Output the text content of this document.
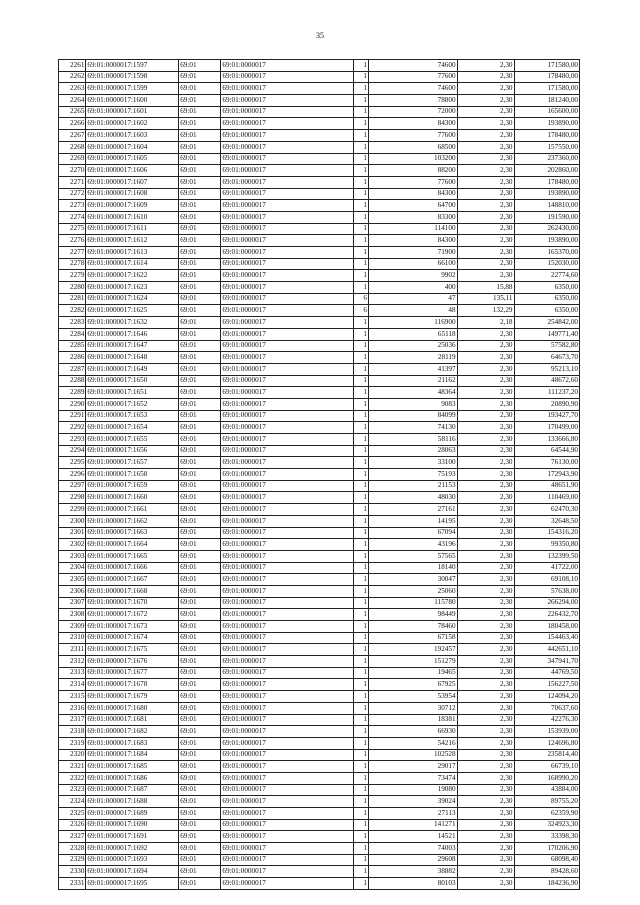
35
2261	69:01:0000017:1597	69:01	69:01:0000017	1	74600	2,30	171580,00
2262	69:01:0000017:1598	69:01	69:01:0000017	1	77600	2,30	178480,00
2263	69:01:0000017:1599	69:01	69:01:0000017	1	74600	2,30	171580,00
2264	69:01:0000017:1600	69:01	69:01:0000017	1	78800	2,30	181240,00
2265	69:01:0000017:1601	69:01	69:01:0000017	1	72000	2,30	165600,00
2266	69:01:0000017:1602	69:01	69:01:0000017	1	84300	2,30	193890,00
2267	69:01:0000017:1603	69:01	69:01:0000017	1	77600	2,30	178480,00
2268	69:01:0000017:1604	69:01	69:01:0000017	1	68500	2,30	157550,00
2269	69:01:0000017:1605	69:01	69:01:0000017	1	103200	2,30	237360,00
2270	69:01:0000017:1606	69:01	69:01:0000017	1	88200	2,30	202860,00
2271	69:01:0000017:1607	69:01	69:01:0000017	1	77600	2,30	178480,00
2272	69:01:0000017:1608	69:01	69:01:0000017	1	84300	2,30	193890,00
2273	69:01:0000017:1609	69:01	69:01:0000017	1	64700	2,30	148810,00
2274	69:01:0000017:1610	69:01	69:01:0000017	1	83300	2,30	191590,00
2275	69:01:0000017:1611	69:01	69:01:0000017	1	114100	2,30	262430,00
2276	69:01:0000017:1612	69:01	69:01:0000017	1	84300	2,30	193890,00
2277	69:01:0000017:1613	69:01	69:01:0000017	1	71900	2,30	165370,00
2278	69:01:0000017:1614	69:01	69:01:0000017	1	66100	2,30	152030,00
2279	69:01:0000017:1622	69:01	69:01:0000017	1	9902	2,30	22774,60
2280	69:01:0000017:1623	69:01	69:01:0000017	1	400	15,88	6350,00
2281	69:01:0000017:1624	69:01	69:01:0000017	6	47	135,11	6350,00
2282	69:01:0000017:1625	69:01	69:01:0000017	6	48	132,29	6350,00
2283	69:01:0000017:1632	69:01	69:01:0000017	1	116900	2,18	254842,00
2284	69:01:0000017:1646	69:01	69:01:0000017	1	65118	2,30	149771,40
2285	69:01:0000017:1647	69:01	69:01:0000017	1	25036	2,30	57582,80
2286	69:01:0000017:1648	69:01	69:01:0000017	1	28119	2,30	64673,70
2287	69:01:0000017:1649	69:01	69:01:0000017	1	41397	2,30	95213,10
2288	69:01:0000017:1650	69:01	69:01:0000017	1	21162	2,30	48672,60
2289	69:01:0000017:1651	69:01	69:01:0000017	1	48364	2,30	111237,20
2290	69:01:0000017:1652	69:01	69:01:0000017	1	9083	2,30	20890,90
2291	69:01:0000017:1653	69:01	69:01:0000017	1	84099	2,30	193427,70
2292	69:01:0000017:1654	69:01	69:01:0000017	1	74130	2,30	170499,00
2293	69:01:0000017:1655	69:01	69:01:0000017	1	58116	2,30	133666,80
2294	69:01:0000017:1656	69:01	69:01:0000017	1	28063	2,30	64544,90
2295	69:01:0000017:1657	69:01	69:01:0000017	1	33100	2,30	76130,00
2296	69:01:0000017:1658	69:01	69:01:0000017	1	75193	2,30	172943,90
2297	69:01:0000017:1659	69:01	69:01:0000017	1	21153	2,30	48651,90
2298	69:01:0000017:1660	69:01	69:01:0000017	1	48030	2,30	110469,00
2299	69:01:0000017:1661	69:01	69:01:0000017	1	27161	2,30	62470,30
2300	69:01:0000017:1662	69:01	69:01:0000017	1	14195	2,30	32648,50
2301	69:01:0000017:1663	69:01	69:01:0000017	1	67094	2,30	154316,20
2302	69:01:0000017:1664	69:01	69:01:0000017	1	43196	2,30	99350,80
2303	69:01:0000017:1665	69:01	69:01:0000017	1	57565	2,30	132399,50
2304	69:01:0000017:1666	69:01	69:01:0000017	1	18140	2,30	41722,00
2305	69:01:0000017:1667	69:01	69:01:0000017	1	30047	2,30	69108,10
2306	69:01:0000017:1668	69:01	69:01:0000017	1	25060	2,30	57638,00
2307	69:01:0000017:1670	69:01	69:01:0000017	1	115780	2,30	266294,00
2308	69:01:0000017:1672	69:01	69:01:0000017	1	98449	2,30	226432,70
2309	69:01:0000017:1673	69:01	69:01:0000017	1	78460	2,30	180458,00
2310	69:01:0000017:1674	69:01	69:01:0000017	1	67158	2,30	154463,40
2311	69:01:0000017:1675	69:01	69:01:0000017	1	192457	2,30	442651,10
2312	69:01:0000017:1676	69:01	69:01:0000017	1	151279	2,30	347941,70
2313	69:01:0000017:1677	69:01	69:01:0000017	1	19465	2,30	44769,50
2314	69:01:0000017:1678	69:01	69:01:0000017	1	67925	2,30	156227,50
2315	69:01:0000017:1679	69:01	69:01:0000017	1	53954	2,30	124094,20
2316	69:01:0000017:1680	69:01	69:01:0000017	1	30712	2,30	70637,60
2317	69:01:0000017:1681	69:01	69:01:0000017	1	18381	2,30	42276,30
2318	69:01:0000017:1682	69:01	69:01:0000017	1	66930	2,30	153939,00
2319	69:01:0000017:1683	69:01	69:01:0000017	1	54216	2,30	124696,80
2320	69:01:0000017:1684	69:01	69:01:0000017	1	102528	2,30	235814,40
2321	69:01:0000017:1685	69:01	69:01:0000017	1	29017	2,30	66739,10
2322	69:01:0000017:1686	69:01	69:01:0000017	1	73474	2,30	168990,20
2323	69:01:0000017:1687	69:01	69:01:0000017	1	19080	2,30	43884,00
2324	69:01:0000017:1688	69:01	69:01:0000017	1	39024	2,30	89755,20
2325	69:01:0000017:1689	69:01	69:01:0000017	1	27113	2,30	62359,90
2326	69:01:0000017:1690	69:01	69:01:0000017	1	141271	2,30	324923,30
2327	69:01:0000017:1691	69:01	69:01:0000017	1	14521	2,30	33398,30
2328	69:01:0000017:1692	69:01	69:01:0000017	1	74003	2,30	170206,90
2329	69:01:0000017:1693	69:01	69:01:0000017	1	29608	2,30	68098,40
2330	69:01:0000017:1694	69:01	69:01:0000017	1	38882	2,30	89428,60
2331	69:01:0000017:1695	69:01	69:01:0000017	1	80103	2,30	184236,90
